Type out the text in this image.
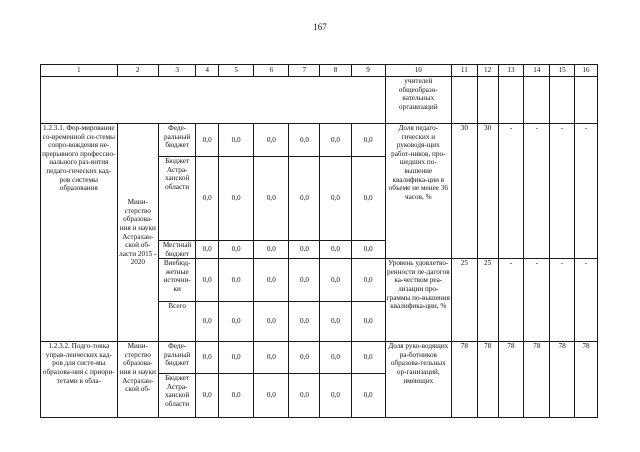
167
1	2	3	4	5	6	7	8	9	10	11	12	13	14	15	16
									учителей общеобразо-вательных организаций						
1.2.3.1. Фор-мирование со-временной си-стемы сопро-вождения не-прерывного профессио-нального раз-вития педаго-гических кад-ров системы образования	Мини-стерство образова-ния и науки Астрахан-ской об-ласти 2015 - 2020	Феде-ральный бюджет	0,0	0,0	0,0	0,0	0,0	0,0	Доля педаго-гических и руководя-щих работ-ников, про-шедших по-вышение квалифика-ции в объеме не менее 36 часов, %	30	30	-	-	-	-
		Бюджет Астра-ханской области	0,0	0,0	0,0	0,0	0,0	0,0							
		Местный бюджет	0,0	0,0	0,0	0,0	0,0	0,0							
		Внебюд-жетные источни-ки	0,0	0,0	0,0	0,0	0,0	0,0	Уровень удовлетво-ренности пе-дагогов ка-чеством реа-лизации про-граммы по-вышения квалифика-ции, %	25	25	-	-	-	-
		Всего	0,0	0,0	0,0	0,0	0,0	0,0							
1.2.3.2. Подго-товка управ-ленческих кад-ров для систе-мы образова-ния с приори-тетами в обла-	Мини-стерство образова-ния и науки Астрахан-ской об-	Феде-ральный бюджет	0,0	0,0	0,0	0,0	0,0	0,0	Доля руко-водящих ра-ботников образова-тельных ор-ганизаций, имеющих	78	78	78	78	78	78
		Бюджет Астра-ханской области	0,0	0,0	0,0	0,0	0,0	0,0							
